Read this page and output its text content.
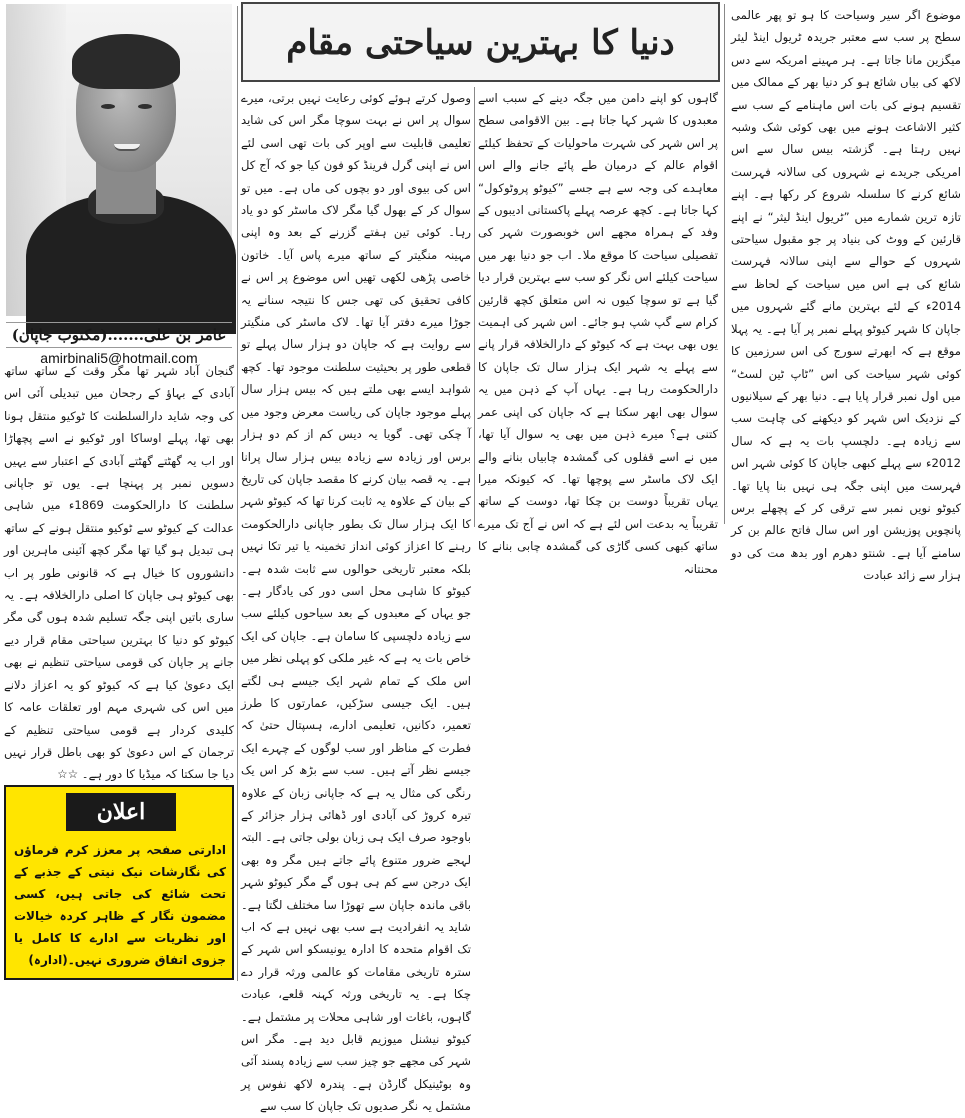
دنیا کا بہترین سیاحتی مقام

موضوع اگر سیر وسیاحت کا ہو تو پھر عالمی سطح پر سب سے معتبر جریدہ ٹریول اینڈ لیثر میگزین مانا جاتا ہے۔ ہر مہینے امریکہ سے دس لاکھ کی بیاں شائع ہو کر دنیا بھر کے ممالک میں تقسیم ہونے کی بات اس ماہنامے کے سب سے کثیر الاشاعت ہونے میں بھی کوئی شک وشبہ نہیں رہتا ہے۔ گزشتہ بیس سال سے اس امریکی جریدے نے شہروں کی سالانہ فہرست شائع کرنے کا سلسلہ شروع کر رکھا ہے۔ اپنے تازہ ترین شمارے میں ”ٹریول اینڈ لیثر“ نے اپنے قارئین کے ووٹ کی بنیاد پر جو مقبول سیاحتی شہروں کے حوالے سے اپنی سالانہ فہرست شائع کی ہے اس میں سیاحت کے لحاظ سے 2014ء کے لئے بہترین مانے گئے شہروں میں جاپان کا شہر کیوٹو پہلے نمبر پر آیا ہے۔ یہ پہلا موقع ہے کہ ابھرتے سورج کی اس سرزمین کا کوئی شہر سیاحت کی اس ”ٹاپ ٹین لسٹ“ میں اول نمبر قرار پایا ہے۔ دنیا بھر کے سیلانیوں کے نزدیک اس شہر کو دیکھنے کی چاہت سب سے زیادہ ہے۔ دلچسپ بات یہ ہے کہ سال 2012ء سے پہلے کبھی جاپان کا کوئی شہر اس فہرست میں اپنی جگہ ہی نہیں بنا پایا تھا۔ کیوٹو نویں نمبر سے ترقی کر کے پچھلے برس پانچویں پوزیشن اور اس سال فاتح عالم بن کر سامنے آیا ہے۔ شنتو دھرم اور بدھ مت کی دو ہزار سے زائد عبادت

گاہوں کو اپنے دامن میں جگہ دینے کے سبب اسے معبدوں کا شہر کہا جاتا ہے۔ بین الاقوامی سطح پر اس شہر کی شہرت ماحولیات کے تحفظ کیلئے اقوام عالم کے درمیان طے پائے جانے والے اس معاہدے کی وجہ سے ہے جسے ”کیوٹو پروٹوکول“ کہا جاتا ہے۔ کچھ عرصہ پہلے پاکستانی ادیبوں کے وفد کے ہمراہ مجھے اس خوبصورت شہر کی تفصیلی سیاحت کا موقع ملا۔ اب جو دنیا بھر میں سیاحت کیلئے اس نگر کو سب سے بہترین قرار دیا گیا ہے تو سوچا کیوں نہ اس متعلق کچھ قارئین کرام سے گپ شپ ہو جائے۔ اس شہر کی اہمیت یوں بھی بہت ہے کہ کیوٹو کے دارالخلافہ قرار پانے سے پہلے یہ شہر ایک ہزار سال تک جاپان کا دارالحکومت رہا ہے۔ یہاں آپ کے ذہن میں یہ سوال بھی ابھر سکتا ہے کہ جاپان کی اپنی عمر کتنی ہے؟ میرے ذہن میں بھی یہ سوال آیا تھا، میں نے اسے قفلوں کی گمشدہ چابیاں بنانے والے ایک لاک ماسٹر سے پوچھا تھا۔ کہ کیونکہ میرا یہاں تقریباً دوست بن چکا تھا، دوست کے ساتھ تقریباً یہ بدعت اس لئے ہے کہ اس نے آج تک میرے ساتھ کبھی کسی گاڑی کی گمشدہ چابی بنانے کا محنتانہ

وصول کرتے ہوئے کوئی رعایت نہیں برتی، میرے سوال پر اس نے بہت سوچا مگر اس کی شاید تعلیمی قابلیت سے اوپر کی بات تھی اسی لئے اس نے اپنی گرل فرینڈ کو فون کیا جو کہ آج کل اس کی بیوی اور دو بچوں کی ماں ہے۔ میں تو سوال کر کے بھول گیا مگر لاک ماسٹر کو دو یاد رہا۔ کوئی تین ہفتے گزرنے کے بعد وہ اپنی مہینہ منگیتر کے ساتھ میرے پاس آیا۔ خاتون خاصی پڑھی لکھی تھیں اس موضوع پر اس نے کافی تحقیق کی تھی جس کا نتیجہ سنانے یہ جوڑا میرے دفتر آیا تھا۔ لاک ماسٹر کی منگیتر سے روایت ہے کہ جاپان دو ہزار سال پہلے تو قطعی طور پر بحیثیت سلطنت موجود تھا۔ کچھ شواہد ایسے بھی ملتے ہیں کہ بیس ہزار سال پہلے موجود جاپان کی ریاست معرض وجود میں آ چکی تھی۔ گویا یہ دیس کم از کم دو ہزار برس اور زیادہ سے زیادہ بیس ہزار سال پرانا ہے۔ یہ قصہ بیان کرنے کا مقصد جاپان کی تاریخ کے بیان کے علاوہ یہ ثابت کرنا تھا کہ کیوٹو شہر کا ایک ہزار سال تک بطور جاپانی دارالحکومت رہنے کا اعزاز کوئی انداز تخمینہ یا تیر تکا نہیں بلکہ معتبر تاریخی حوالوں سے ثابت شدہ ہے۔ کیوٹو کا شاہی محل اسی دور کی یادگار ہے۔ جو یہاں کے معبدوں کے بعد سیاحوں کیلئے سب سے زیادہ دلچسپی کا سامان ہے۔ جاپان کی ایک خاص بات یہ ہے کہ غیر ملکی کو پہلی نظر میں اس ملک کے تمام شہر ایک جیسے ہی لگتے ہیں۔ ایک جیسی سڑکیں، عمارتوں کا طرز تعمیر، دکانیں، تعلیمی ادارے، ہسپتال حتیٰ کہ فطرت کے مناظر اور سب لوگوں کے چہرے ایک جیسے نظر آتے ہیں۔ سب سے بڑھ کر اس یک رنگی کی مثال یہ ہے کہ جاپانی زبان کے علاوہ تیرہ کروڑ کی آبادی اور ڈھائی ہزار جزائر کے باوجود صرف ایک ہی زبان بولی جاتی ہے۔ البتہ لہجے ضرور متنوع پائے جاتے ہیں مگر وہ بھی ایک درجن سے کم ہی ہوں گے مگر کیوٹو شہر باقی ماندہ جاپان سے تھوڑا سا مختلف لگتا ہے۔ شاید یہ انفرادیت ہے سب بھی نہیں ہے کہ اب تک اقوام متحدہ کا ادارہ یونیسکو اس شہر کے سترہ تاریخی مقامات کو عالمی ورثہ قرار دے چکا ہے۔ یہ تاریخی ورثہ کہنہ قلعے، عبادت گاہوں، باغات اور شاہی محلات پر مشتمل ہے۔ کیوٹو نیشنل میوزیم قابل دید ہے۔ مگر اس شہر کی مجھے جو چیز سب سے زیادہ پسند آئی وہ بوٹینیکل گارڈن ہے۔ پندرہ لاکھ نفوس پر مشتمل یہ نگر صدیوں تک جاپان کا سب سے

عامر بن علی.......(مکتوب جاپان)
amirbinali5@hotmail.com

گنجان آباد شہر تھا مگر وقت کے ساتھ ساتھ آبادی کے بہاؤ کے رجحان میں تبدیلی آئی اس کی وجہ شاید دارالسلطنت کا ٹوکیو منتقل ہونا بھی تھا، پہلے اوساکا اور ٹوکیو نے اسے پچھاڑا اور اب یہ گھٹتے گھٹتے آبادی کے اعتبار سے یہیں دسویں نمبر پر پہنچا ہے۔ یوں تو جاپانی سلطنت کا دارالحکومت 1869ء میں شاہی عدالت کے کیوٹو سے ٹوکیو منتقل ہونے کے ساتھ ہی تبدیل ہو گیا تھا مگر کچھ آئینی ماہرین اور دانشوروں کا خیال ہے کہ قانونی طور پر اب بھی کیوٹو ہی جاپان کا اصلی دارالخلافہ ہے۔ یہ ساری باتیں اپنی جگہ تسلیم شدہ ہوں گی مگر کیوٹو کو دنیا کا بہترین سیاحتی مقام قرار دیے جانے پر جاپان کی قومی سیاحتی تنظیم نے بھی ایک دعویٰ کیا ہے کہ کیوٹو کو یہ اعزاز دلانے میں اس کی شہری مہم اور تعلقات عامہ کا کلیدی کردار ہے قومی سیاحتی تنظیم کے ترجمان کے اس دعویٰ کو بھی باطل قرار نہیں دیا جا سکتا کہ میڈیا کا دور ہے۔ ☆☆

اعلان
ادارتی صفحہ پر معزز کرم فرماؤں کی نگارشات نیک نیتی کے جذبے کے تحت شائع کی جاتی ہیں، کسی مضمون نگار کے ظاہر کردہ خیالات اور نظریات سے ادارے کا کامل یا جزوی اتفاق ضروری نہیں۔(ادارہ)
